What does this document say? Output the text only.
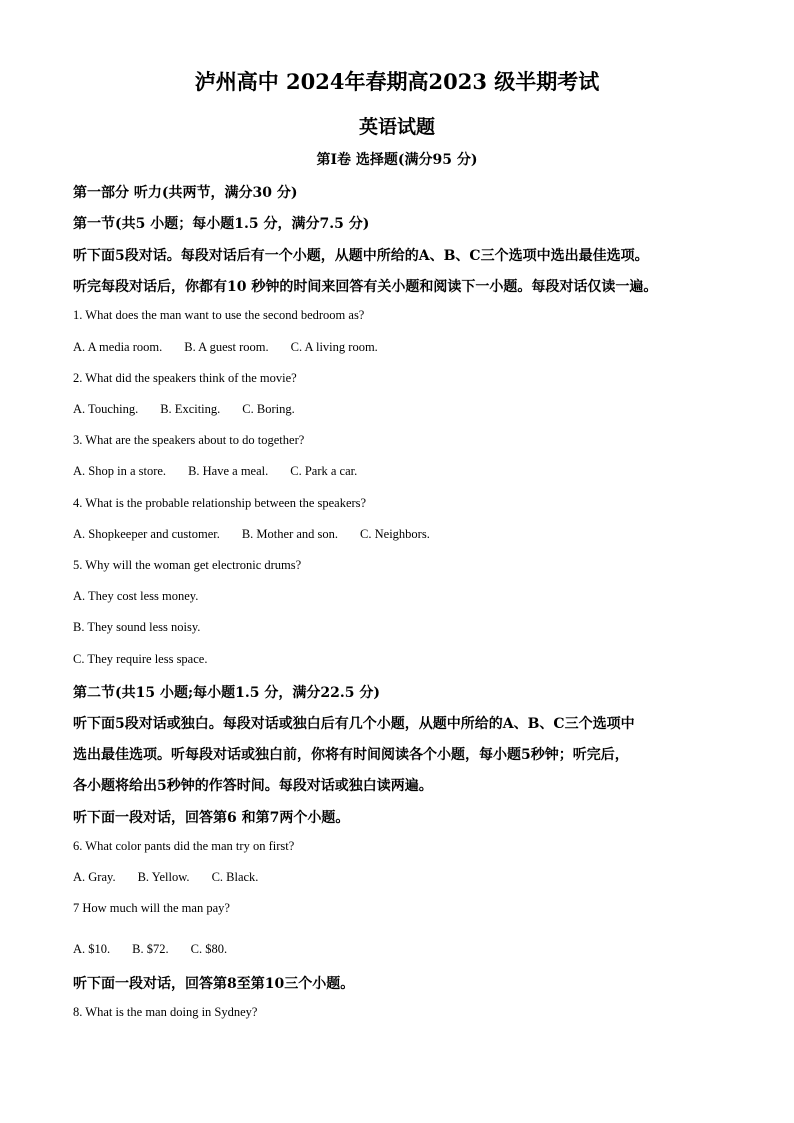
泸州高中 2024年春期高2023 级半期考试
英语试题
第Ⅰ卷 选择题(满分95 分)
第一部分 听力(共两节，满分30 分)
第一节(共5 小题；每小题1.5 分，满分7.5 分)
听下面5段对话。每段对话后有一个小题，从题中所给的A、B、C三个选项中选出最佳选项。
听完每段对话后，你都有10 秒钟的时间来回答有关小题和阅读下一小题。每段对话仅读一遍。
1. What does the man want to use the second bedroom as?
A. A media room. B. A guest room. C. A living room.
2. What did the speakers think of the movie?
A. Touching. B. Exciting. C. Boring.
3. What are the speakers about to do together?
A. Shop in a store. B. Have a meal. C. Park a car.
4. What is the probable relationship between the speakers?
A. Shopkeeper and customer. B. Mother and son. C. Neighbors.
5. Why will the woman get electronic drums?
A. They cost less money.
B. They sound less noisy.
C. They require less space.
第二节(共15 小题;每小题1.5 分，满分22.5 分)
听下面5段对话或独白。每段对话或独白后有几个小题，从题中所给的A、B、C三个选项中
选出最佳选项。听每段对话或独白前，你将有时间阅读各个小题，每小题5秒钟；听完后，
各小题将给出5秒钟的作答时间。每段对话或独白读两遍。
听下面一段对话，回答第6 和第7两个小题。
6. What color pants did the man try on first?
A. Gray. B. Yellow. C. Black.
7 How much will the man pay?
A. $10. B. $72. C. $80.
听下面一段对话，回答第8至第10三个小题。
8. What is the man doing in Sydney?
